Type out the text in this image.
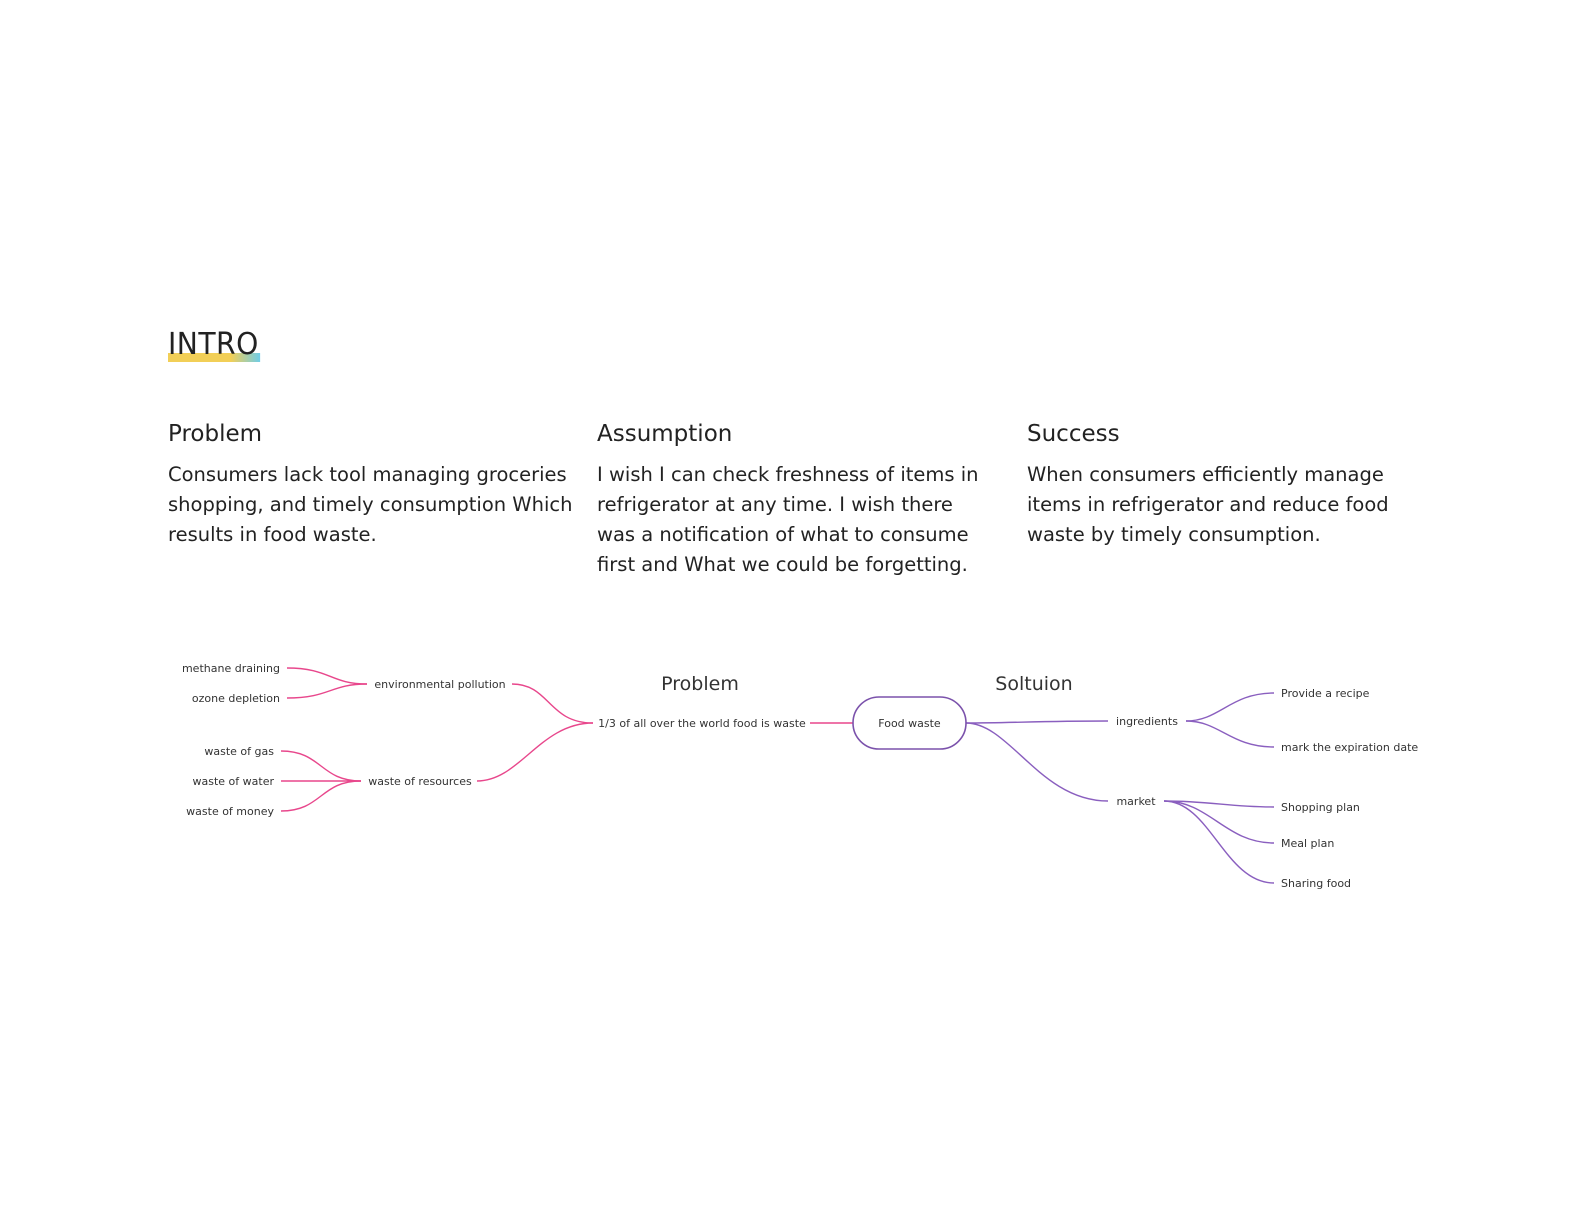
INTRO
Problem

Consumers lack tool managing groceries shopping, and timely consumption Which results in food waste.

Assumption

I wish I can check freshness of items in refrigerator at any time. I wish there was a notification of what to consume first and What we could be forgetting.

Success

When consumers efficiently manage items in refrigerator and reduce food waste by timely consumption.

Food waste
Problem	Soltuion
1/3 of all over the world food is waste
environmental pollution
waste of resources
methane draining
ozone depletion
waste of gas
waste of water
waste of money
ingredients
market
Provide a recipe
mark the expiration date
Shopping plan
Meal plan
Sharing food
